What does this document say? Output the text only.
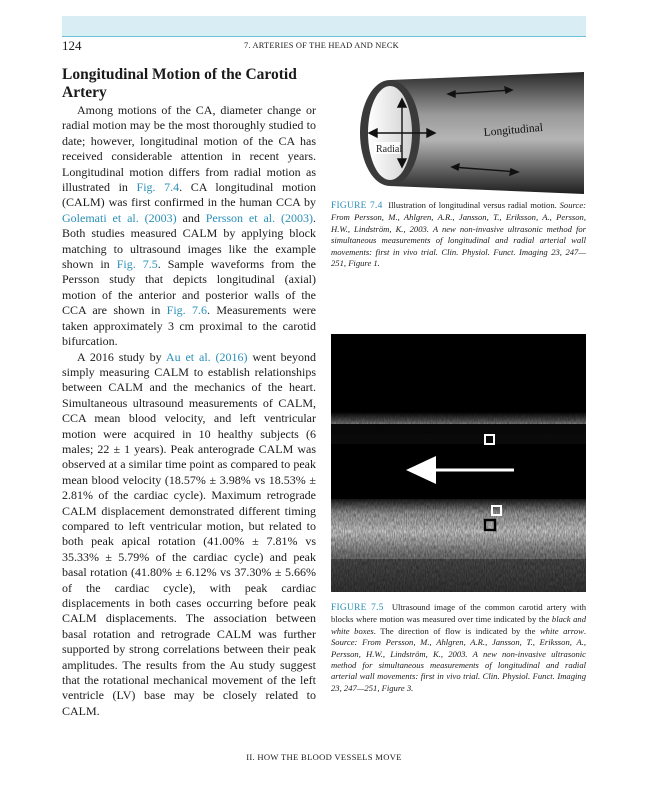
124	7. ARTERIES OF THE HEAD AND NECK
Longitudinal Motion of the Carotid Artery

Among motions of the CA, diameter change or radial motion may be the most thoroughly studied to date; however, longitudinal motion of the CA has received considerable attention in recent years. Longitudinal motion differs from radial motion as illustrated in Fig. 7.4. CA longitudinal motion (CALM) was first confirmed in the human CCA by Golemati et al. (2003) and Persson et al. (2003). Both studies measured CALM by applying block matching to ultrasound images like the example shown in Fig. 7.5. Sample waveforms from the Persson study that depicts longitudinal (axial) motion of the anterior and posterior walls of the CCA are shown in Fig. 7.6. Measurements were taken approximately 3 cm proximal to the carotid bifurcation.

A 2016 study by Au et al. (2016) went beyond simply measuring CALM to establish relationships between CALM and the mechanics of the heart. Simultaneous ultrasound measurements of CALM, CCA mean blood velocity, and left ventricular motion were acquired in 10 healthy subjects (6 males; 22 ± 1 years). Peak anterograde CALM was observed at a similar time point as compared to peak mean blood velocity (18.57% ± 3.98% vs 18.53% ± 2.81% of the cardiac cycle). Maximum retrograde CALM displacement demonstrated different timing compared to left ventricular motion, but related to both peak apical rotation (41.00% ± 7.81% vs 35.33% ± 5.79% of the cardiac cycle) and peak basal rotation (41.80% ± 6.12% vs 37.30% ± 5.66% of the cardiac cycle), with peak cardiac displacements in both cases occurring before peak CALM displacements. The association between basal rotation and retrograde CALM was further supported by strong correlations between their peak amplitudes. The results from the Au study suggest that the rotational mechanical movement of the left ventricle (LV) base may be closely related to CALM.

Radial
Longitudinal

FIGURE 7.4 Illustration of longitudinal versus radial motion. Source: From Persson, M., Ahlgren, A.R., Jansson, T., Eriksson, A., Persson, H.W., Lindström, K., 2003. A new non-invasive ultrasonic method for simultaneous measurements of longitudinal and radial arterial wall movements: first in vivo trial. Clin. Physiol. Funct. Imaging 23, 247—251, Figure 1.

FIGURE 7.5 Ultrasound image of the common carotid artery with blocks where motion was measured over time indicated by the black and white boxes. The direction of flow is indicated by the white arrow. Source: From Persson, M., Ahlgren, A.R., Jansson, T., Eriksson, A., Persson, H.W., Lindström, K., 2003. A new non-invasive ultrasonic method for simultaneous measurements of longitudinal and radial arterial wall movements: first in vivo trial. Clin. Physiol. Funct. Imaging 23, 247—251, Figure 3.

II. HOW THE BLOOD VESSELS MOVE
